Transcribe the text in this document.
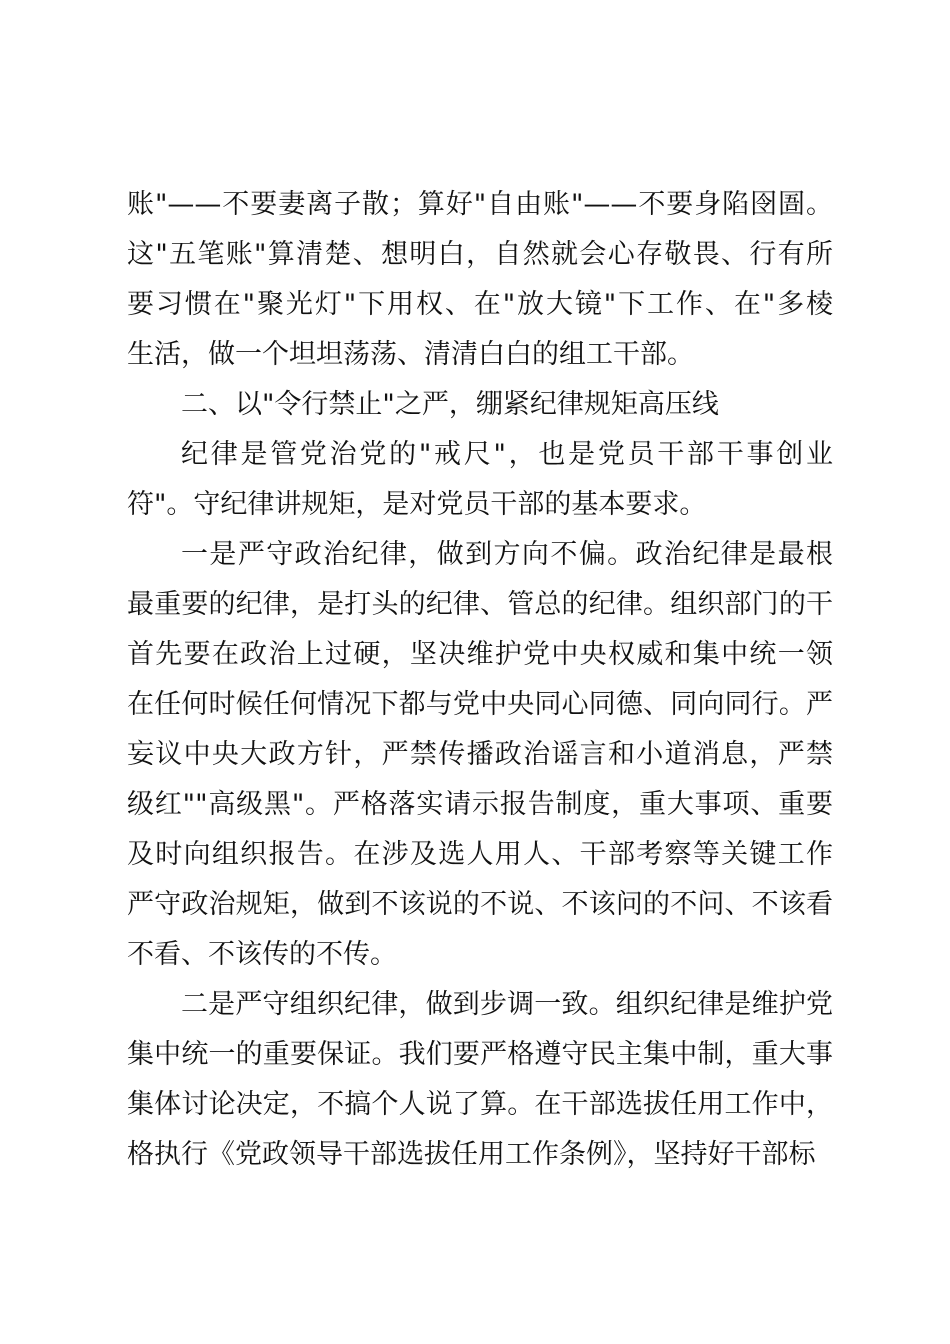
账"——不要妻离子散；算好"自由账"——不要身陷囹圄。
这"五笔账"算清楚、想明白，自然就会心存敬畏、行有所
要习惯在"聚光灯"下用权、在"放大镜"下工作、在"多棱
生活，做一个坦坦荡荡、清清白白的组工干部。
二、以"令行禁止"之严，绷紧纪律规矩高压线
纪律是管党治党的"戒尺"，也是党员干部干事创业
符"。守纪律讲规矩，是对党员干部的基本要求。
一是严守政治纪律，做到方向不偏。政治纪律是最根
最重要的纪律，是打头的纪律、管总的纪律。组织部门的干
首先要在政治上过硬，坚决维护党中央权威和集中统一领
在任何时候任何情况下都与党中央同心同德、同向同行。严
妄议中央大政方针，严禁传播政治谣言和小道消息，严禁
级红""高级黑"。严格落实请示报告制度，重大事项、重要
及时向组织报告。在涉及选人用人、干部考察等关键工作
严守政治规矩，做到不该说的不说、不该问的不问、不该看
不看、不该传的不传。
二是严守组织纪律，做到步调一致。组织纪律是维护党
集中统一的重要保证。我们要严格遵守民主集中制，重大事
集体讨论决定，不搞个人说了算。在干部选拔任用工作中，
格执行《党政领导干部选拔任用工作条例》，坚持好干部标
